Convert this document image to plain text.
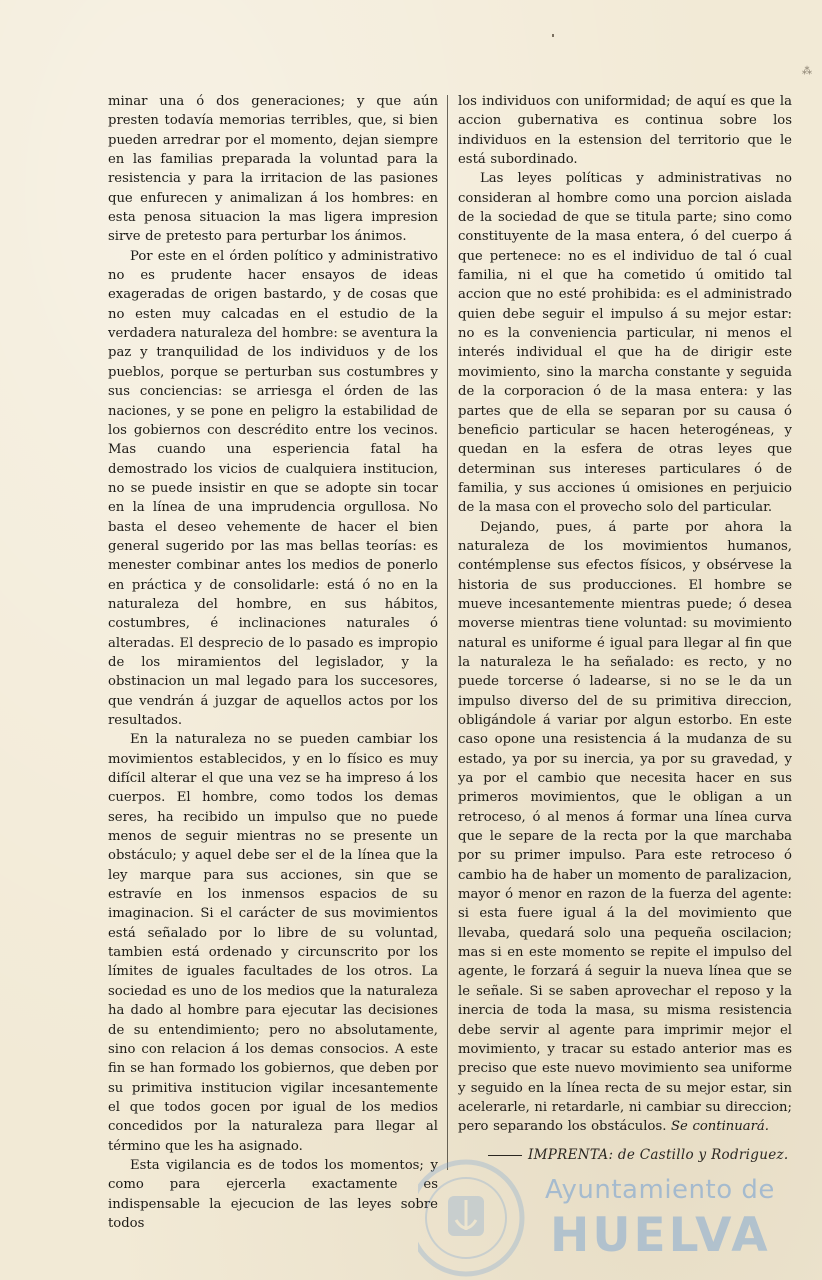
⁂

minar una ó dos generaciones; y que aún presten todavía memorias terribles, que, si bien pueden arredrar por el momento, dejan siempre en las familias preparada la voluntad para la resistencia y para la irritacion de las pasiones que enfurecen y animalizan á los hombres: en esta penosa situacion la mas ligera impresion sirve de pretesto para perturbar los ánimos.

Por este en el órden político y administrativo no es prudente hacer ensayos de ideas exageradas de origen bastardo, y de cosas que no esten muy calcadas en el estudio de la verdadera naturaleza del hombre: se aventura la paz y tranquilidad de los individuos y de los pueblos, porque se perturban sus costumbres y sus conciencias: se arriesga el órden de las naciones, y se pone en peligro la estabilidad de los gobiernos con descrédito entre los vecinos. Mas cuando una esperiencia fatal ha demostrado los vicios de cualquiera institucion, no se puede insistir en que se adopte sin tocar en la línea de una imprudencia orgullosa. No basta el deseo vehemente de hacer el bien general sugerido por las mas bellas teorías: es menester combinar antes los medios de ponerlo en práctica y de consolidarle: está ó no en la naturaleza del hombre, en sus hábitos, costumbres, é inclinaciones naturales ó alteradas. El desprecio de lo pasado es impropio de los miramientos del legislador, y la obstinacion un mal legado para los succesores, que vendrán á juzgar de aquellos actos por los resultados.

En la naturaleza no se pueden cambiar los movimientos establecidos, y en lo físico es muy difícil alterar el que una vez se ha impreso á los cuerpos. El hombre, como todos los demas seres, ha recibido un impulso que no puede menos de seguir mientras no se presente un obstáculo; y aquel debe ser el de la línea que la ley marque para sus acciones, sin que se estravíe en los inmensos espacios de su imaginacion. Si el carácter de sus movimientos está señalado por lo libre de su voluntad, tambien está ordenado y circunscrito por los límites de iguales facultades de los otros. La sociedad es uno de los medios que la naturaleza ha dado al hombre para ejecutar las decisiones de su entendimiento; pero no absolutamente, sino con relacion á los demas consocios. A este fin se han formado los gobiernos, que deben por su primitiva institucion vigilar incesantemente el que todos gocen por igual de los medios concedidos por la naturaleza para llegar al término que les ha asignado.

Esta vigilancia es de todos los momentos; y como para ejercerla exactamente es indispensable la ejecucion de las leyes sobre todos

los individuos con uniformidad; de aquí es que la accion gubernativa es continua sobre los individuos en la estension del territorio que le está subordinado.

Las leyes políticas y administrativas no consideran al hombre como una porcion aislada de la sociedad de que se titula parte; sino como constituyente de la masa entera, ó del cuerpo á que pertenece: no es el individuo de tal ó cual familia, ni el que ha cometido ú omitido tal accion que no esté prohibida: es el administrado quien debe seguir el impulso á su mejor estar: no es la conveniencia particular, ni menos el interés individual el que ha de dirigir este movimiento, sino la marcha constante y seguida de la corporacion ó de la masa entera: y las partes que de ella se separan por su causa ó beneficio particular se hacen heterogéneas, y quedan en la esfera de otras leyes que determinan sus intereses particulares ó de familia, y sus acciones ú omisiones en perjuicio de la masa con el provecho solo del particular.

Dejando, pues, á parte por ahora la naturaleza de los movimientos humanos, contémplense sus efectos físicos, y obsérvese la historia de sus producciones. El hombre se mueve incesantemente mientras puede; ó desea moverse mientras tiene voluntad: su movimiento natural es uniforme é igual para llegar al fin que la naturaleza le ha señalado: es recto, y no puede torcerse ó ladearse, si no se le da un impulso diverso del de su primitiva direccion, obligándole á variar por algun estorbo. En este caso opone una resistencia á la mudanza de su estado, ya por su inercia, ya por su gravedad, y ya por el cambio que necesita hacer en sus primeros movimientos, que le obligan a un retroceso, ó al menos á formar una línea curva que le separe de la recta por la que marchaba por su primer impulso. Para este retroceso ó cambio ha de haber un momento de paralizacion, mayor ó menor en razon de la fuerza del agente: si esta fuere igual á la del movimiento que llevaba, quedará solo una pequeña oscilacion; mas si en este momento se repite el impulso del agente, le forzará á seguir la nueva línea que se le señale. Si se saben aprovechar el reposo y la inercia de toda la masa, su misma resistencia debe servir al agente para imprimir mejor el movimiento, y tracar su estado anterior mas es preciso que este nuevo movimiento sea uniforme y seguido en la línea recta de su mejor estar, sin acelerarle, ni retardarle, ni cambiar su direccion; pero separando los obstáculos. Se continuará.

IMPRENTA: de Castillo y Rodriguez.
Ayuntamiento de
HUELVA
